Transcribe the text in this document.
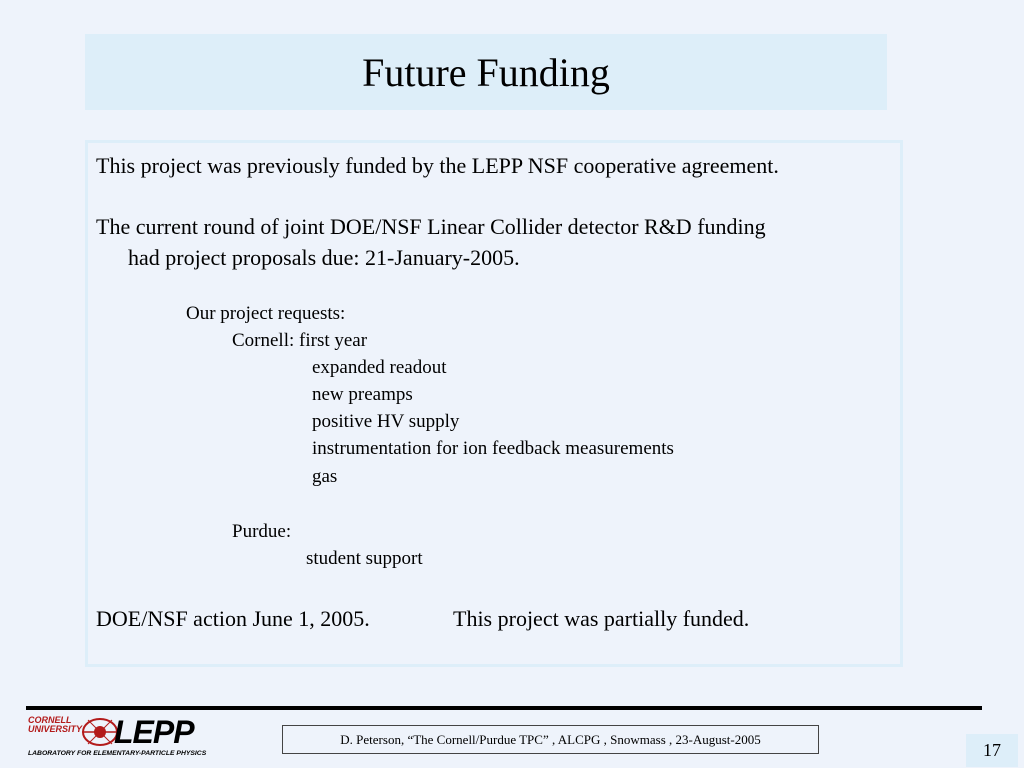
Future Funding

This project was previously funded by the LEPP NSF cooperative agreement.

The current round of joint DOE/NSF Linear Collider detector R&D funding

had project proposals due: 21-January-2005.

Our project requests:

Cornell: first year

expanded readout

new preamps

positive HV supply

instrumentation for ion feedback measurements

gas

Purdue:

student support

DOE/NSF action June 1, 2005.	This project was partially funded.

CORNELL
UNIVERSITY LEPP
LABORATORY FOR ELEMENTARY-PARTICLE PHYSICS
D. Peterson, “The Cornell/Purdue TPC” , ALCPG , Snowmass , 23-August-2005
17
